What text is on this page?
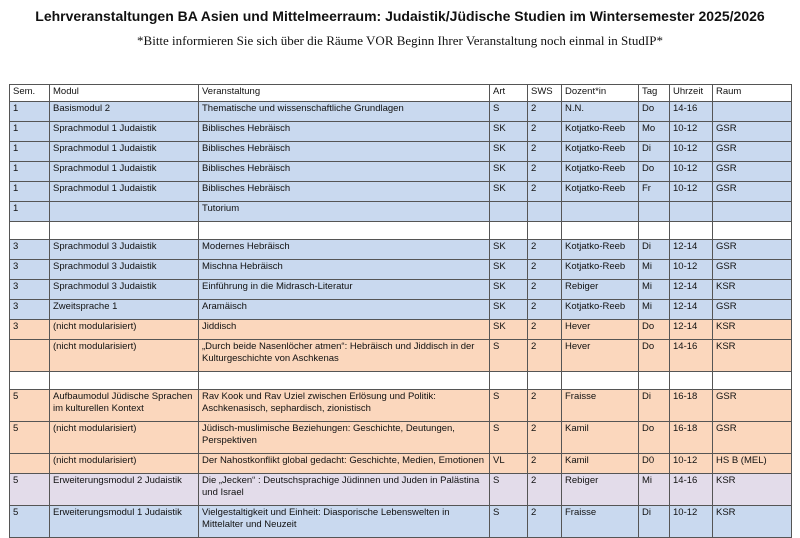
Lehrveranstaltungen BA Asien und Mittelmeerraum: Judaistik/Jüdische Studien im Wintersemester 2025/2026
*Bitte informieren Sie sich über die Räume VOR Beginn Ihrer Veranstaltung noch einmal in StudIP*
Sem.	Modul	Veranstaltung	Art	SWS	Dozent*in	Tag	Uhrzeit	Raum
1	Basismodul 2	Thematische und wissenschaftliche Grundlagen	S	2	N.N.	Do	14-16	
1	Sprachmodul 1 Judaistik	Biblisches Hebräisch	SK	2	Kotjatko-Reeb	Mo	10-12	GSR
1	Sprachmodul 1 Judaistik	Biblisches Hebräisch	SK	2	Kotjatko-Reeb	Di	10-12	GSR
1	Sprachmodul 1 Judaistik	Biblisches Hebräisch	SK	2	Kotjatko-Reeb	Do	10-12	GSR
1	Sprachmodul 1 Judaistik	Biblisches Hebräisch	SK	2	Kotjatko-Reeb	Fr	10-12	GSR
1		Tutorium						

3	Sprachmodul 3 Judaistik	Modernes Hebräisch	SK	2	Kotjatko-Reeb	Di	12-14	GSR
3	Sprachmodul 3 Judaistik	Mischna Hebräisch	SK	2	Kotjatko-Reeb	Mi	10-12	GSR
3	Sprachmodul 3 Judaistik	Einführung in die Midrasch-Literatur	SK	2	Rebiger	Mi	12-14	KSR
3	Zweitsprache 1	Aramäisch	SK	2	Kotjatko-Reeb	Mi	12-14	GSR
3	(nicht modularisiert)	Jiddisch	SK	2	Hever	Do	12-14	KSR
	(nicht modularisiert)	„Durch beide Nasenlöcher atmen“: Hebräisch und Jiddisch in der Kulturgeschichte von Aschkenas	S	2	Hever	Do	14-16	KSR

5	Aufbaumodul Jüdische Sprachen im kulturellen Kontext	Rav Kook und Rav Uziel zwischen Erlösung und Politik: Aschkenasisch, sephardisch, zionistisch	S	2	Fraisse	Di	16-18	GSR
5	(nicht modularisiert)	Jüdisch-muslimische Beziehungen: Geschichte, Deutungen, Perspektiven	S	2	Kamil	Do	16-18	GSR
	(nicht modularisiert)	Der Nahostkonflikt global gedacht: Geschichte, Medien, Emotionen	VL	2	Kamil	D0	10-12	HS B (MEL)
5	Erweiterungsmodul 2 Judaistik	Die „Jecken“ : Deutschsprachige Jüdinnen und Juden in Palästina und Israel	S	2	Rebiger	Mi	14-16	KSR
5	Erweiterungsmodul 1 Judaistik	Vielgestaltigkeit und Einheit: Diasporische Lebenswelten in Mittelalter und Neuzeit	S	2	Fraisse	Di	10-12	KSR
